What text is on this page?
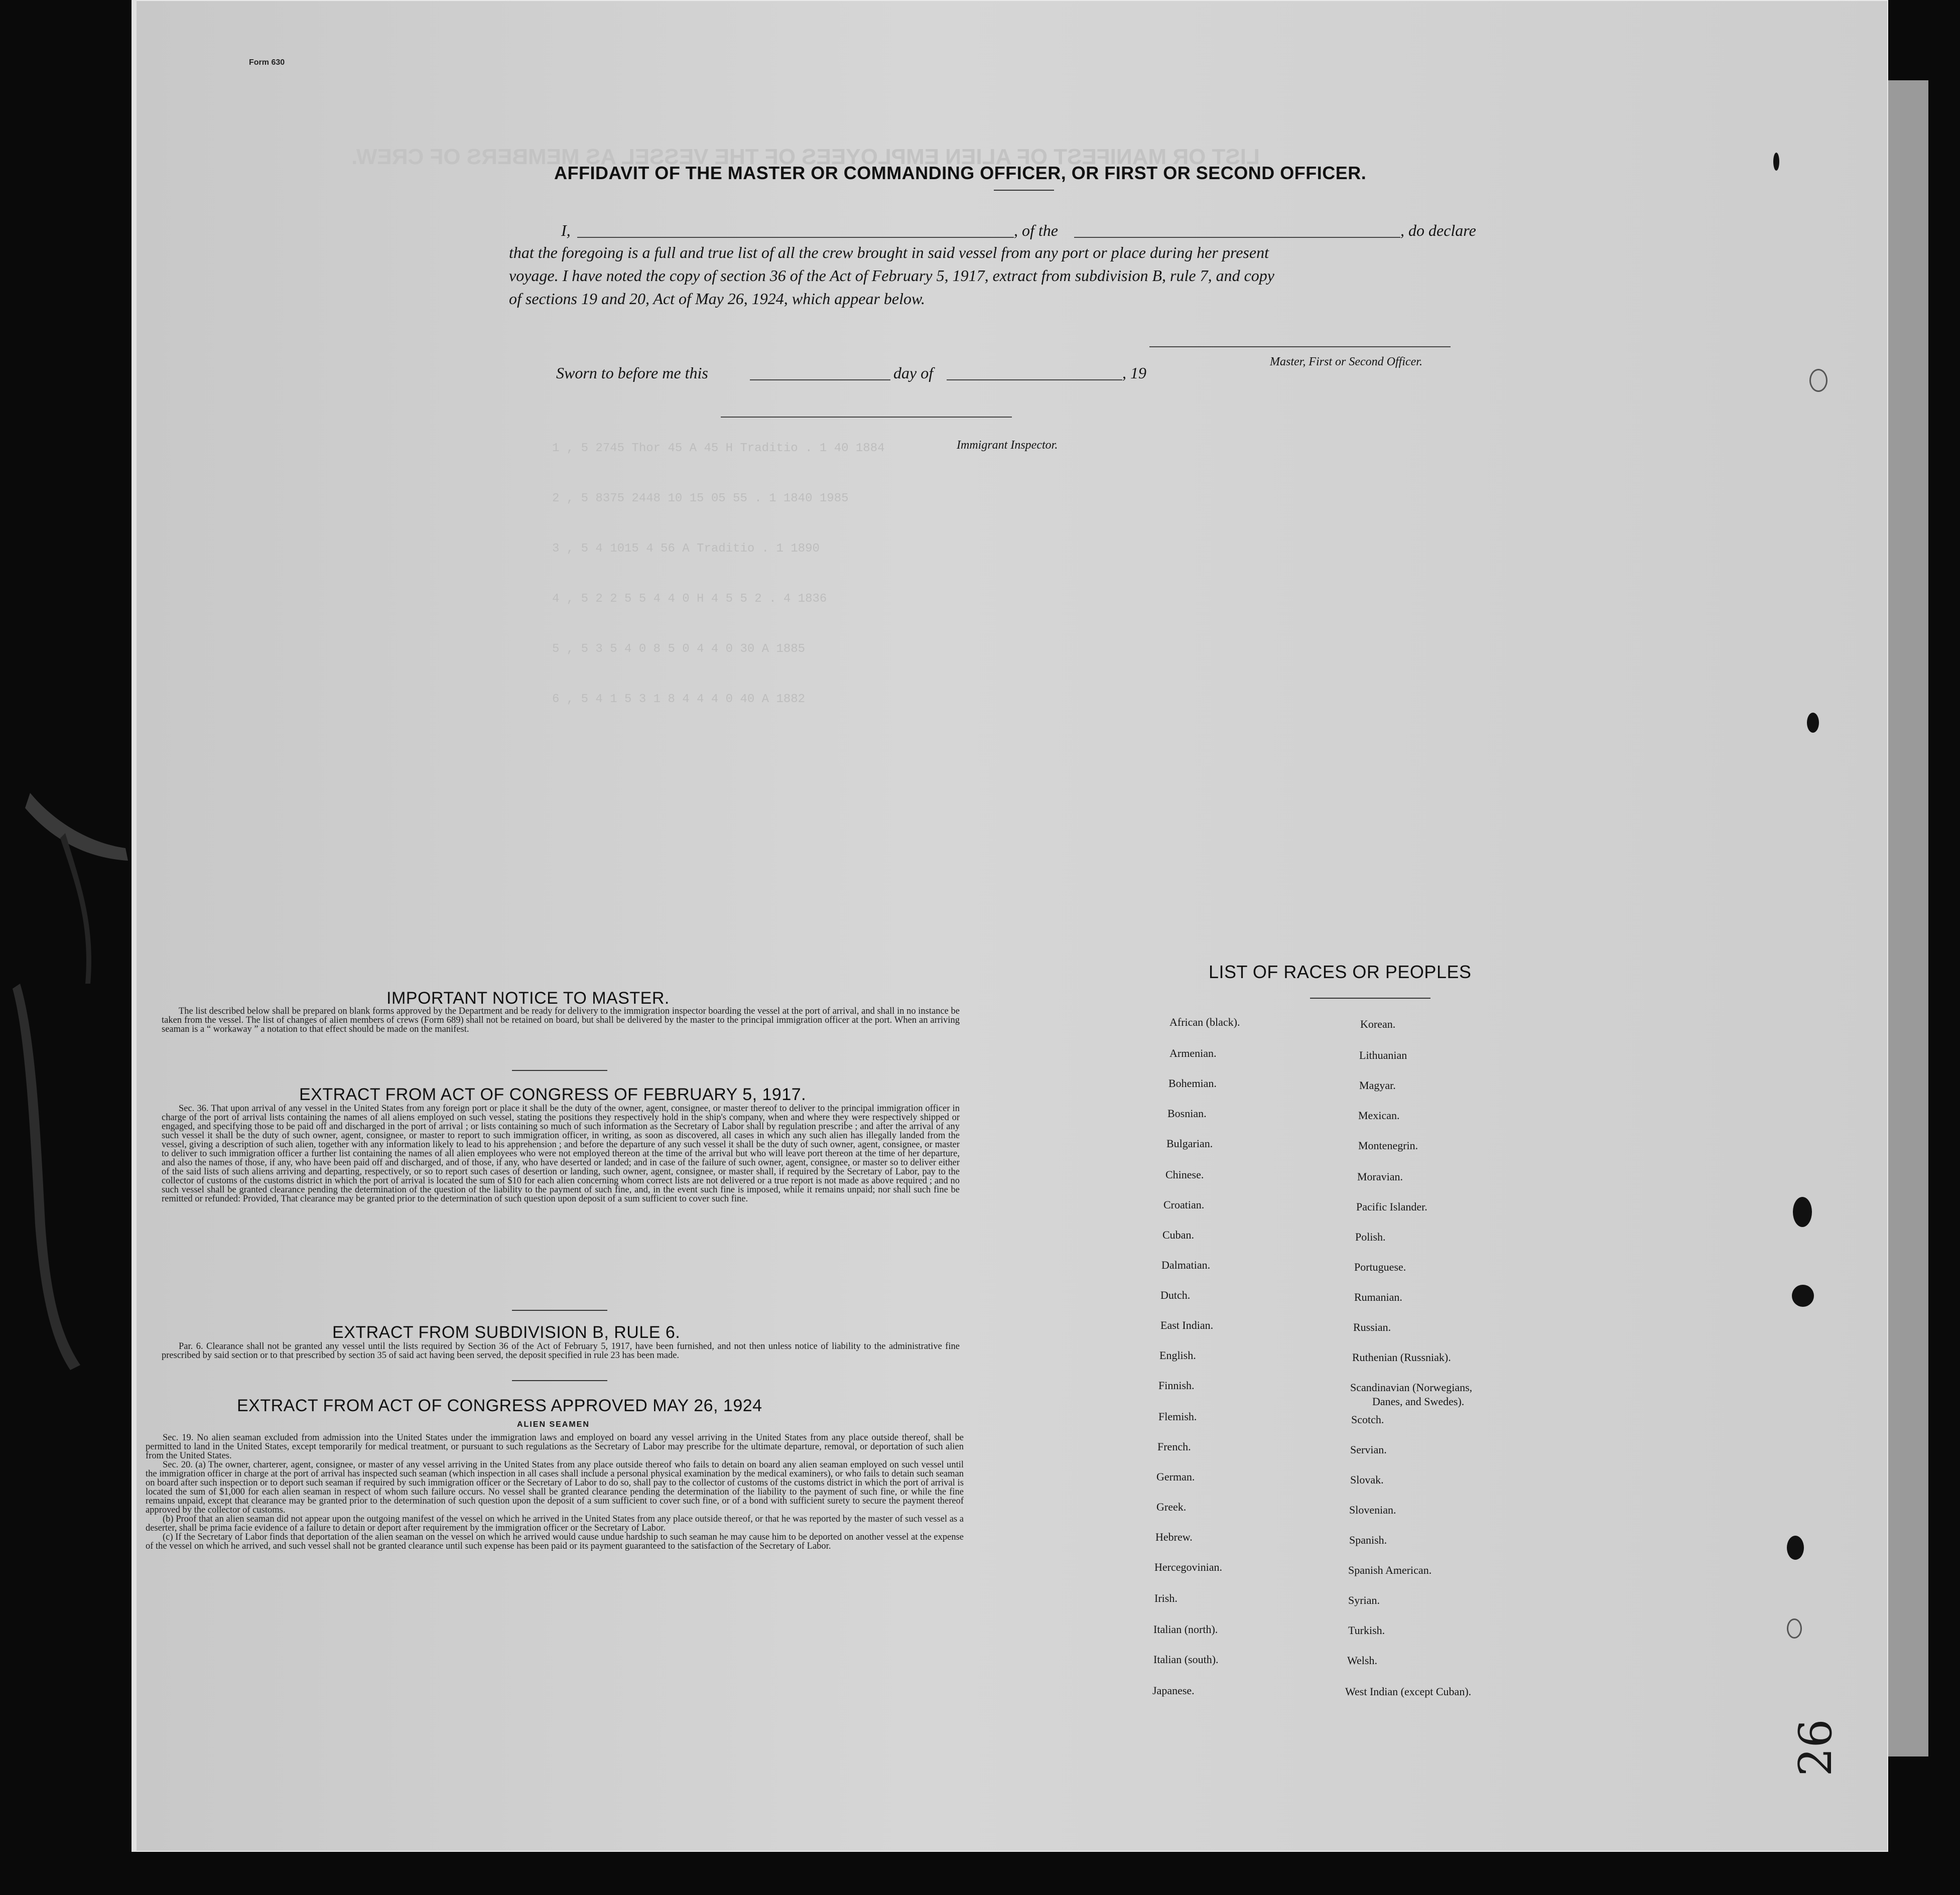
LIST OR MANIFEST OF ALIEN EMPLOYEES OF THE VESSEL AS MEMBERS OF CREW.
1 , 5 2745 Thor 45 A 45 H Traditio . 1 40 1884
2 , 5 8375 2448 10 15 05 55 . 1 1840 1985
3 , 5 4 1015 4 56 A Traditio . 1 1890
4 , 5 2 2 5 5 4 4 0 H 4 5 5 2 . 4 1836
5 , 5 3 5 4 0 8 5 0 4 4 0 30 A 1885
6 , 5 4 1 5 3 1 8 4 4 4 0 40 A 1882
Form 630
AFFIDAVIT OF THE MASTER OR COMMANDING OFFICER, OR FIRST OR SECOND OFFICER.
I,	, of the	, do declare
that the foregoing is a full and true list of all the crew brought in said vessel from any port or place during her present
voyage. I have noted the copy of section 36 of the Act of February 5, 1917, extract from subdivision B, rule 7, and copy
of sections 19 and 20, Act of May 26, 1924, which appear below.
Master, First or Second Officer.
Sworn to before me this	day of	, 19
Immigrant Inspector.
IMPORTANT NOTICE TO MASTER.

The list described below shall be prepared on blank forms approved by the Department and be ready for delivery to the immigration inspector boarding the vessel at the port of arrival, and shall in no instance be taken from the vessel. The list of changes of alien members of crews (Form 689) shall not be retained on board, but shall be delivered by the master to the principal immigration officer at the port. When an arriving seaman is a “ workaway ” a notation to that effect should be made on the manifest.

EXTRACT FROM ACT OF CONGRESS OF FEBRUARY 5, 1917.

Sec. 36. That upon arrival of any vessel in the United States from any foreign port or place it shall be the duty of the owner, agent, consignee, or master thereof to deliver to the principal immigration officer in charge of the port of arrival lists containing the names of all aliens employed on such vessel, stating the positions they respectively hold in the ship's company, when and where they were respectively shipped or engaged, and specifying those to be paid off and discharged in the port of arrival ; or lists containing so much of such information as the Secretary of Labor shall by regulation prescribe ; and after the arrival of any such vessel it shall be the duty of such owner, agent, consignee, or master to report to such immigration officer, in writing, as soon as discovered, all cases in which any such alien has illegally landed from the vessel, giving a description of such alien, together with any information likely to lead to his apprehension ; and before the departure of any such vessel it shall be the duty of such owner, agent, consignee, or master to deliver to such immigration officer a further list containing the names of all alien employees who were not employed thereon at the time of the arrival but who will leave port thereon at the time of her departure, and also the names of those, if any, who have been paid off and discharged, and of those, if any, who have deserted or landed; and in case of the failure of such owner, agent, consignee, or master so to deliver either of the said lists of such aliens arriving and departing, respectively, or so to report such cases of desertion or landing, such owner, agent, consignee, or master shall, if required by the Secretary of Labor, pay to the collector of customs of the customs district in which the port of arrival is located the sum of $10 for each alien concerning whom correct lists are not delivered or a true report is not made as above required ; and no such vessel shall be granted clearance pending the determination of the question of the liability to the payment of such fine, and, in the event such fine is imposed, while it remains unpaid; nor shall such fine be remitted or refunded: Provided, That clearance may be granted prior to the determination of such question upon deposit of a sum sufficient to cover such fine.

EXTRACT FROM SUBDIVISION B, RULE 6.

Par. 6. Clearance shall not be granted any vessel until the lists required by Section 36 of the Act of February 5, 1917, have been furnished, and not then unless notice of liability to the administrative fine prescribed by said section or to that prescribed by section 35 of said act having been served, the deposit specified in rule 23 has been made.

EXTRACT FROM ACT OF CONGRESS APPROVED MAY 26, 1924
ALIEN SEAMEN

Sec. 19. No alien seaman excluded from admission into the United States under the immigration laws and employed on board any vessel arriving in the United States from any place outside thereof, shall be permitted to land in the United States, except temporarily for medical treatment, or pursuant to such regulations as the Secretary of Labor may prescribe for the ultimate departure, removal, or deportation of such alien from the United States.

Sec. 20. (a) The owner, charterer, agent, consignee, or master of any vessel arriving in the United States from any place outside thereof who fails to detain on board any alien seaman employed on such vessel until the immigration officer in charge at the port of arrival has inspected such seaman (which inspection in all cases shall include a personal physical examination by the medical examiners), or who fails to detain such seaman on board after such inspection or to deport such seaman if required by such immigration officer or the Secretary of Labor to do so, shall pay to the collector of customs of the customs district in which the port of arrival is located the sum of $1,000 for each alien seaman in respect of whom such failure occurs. No vessel shall be granted clearance pending the determination of the liability to the payment of such fine, or while the fine remains unpaid, except that clearance may be granted prior to the determination of such question upon the deposit of a sum sufficient to cover such fine, or of a bond with sufficient surety to secure the payment thereof approved by the collector of customs.

(b) Proof that an alien seaman did not appear upon the outgoing manifest of the vessel on which he arrived in the United States from any place outside thereof, or that he was reported by the master of such vessel as a deserter, shall be prima facie evidence of a failure to detain or deport after requirement by the immigration officer or the Secretary of Labor.

(c) If the Secretary of Labor finds that deportation of the alien seaman on the vessel on which he arrived would cause undue hardship to such seaman he may cause him to be deported on another vessel at the expense of the vessel on which he arrived, and such vessel shall not be granted clearance until such expense has been paid or its payment guaranteed to the satisfaction of the Secretary of Labor.

LIST OF RACES OR PEOPLES
African (black).
Armenian.
Bohemian.
Bosnian.
Bulgarian.
Chinese.
Croatian.
Cuban.
Dalmatian.
Dutch.
East Indian.
English.
Finnish.
Flemish.
French.
German.
Greek.
Hebrew.
Hercegovinian.
Irish.
Italian (north).
Italian (south).
Japanese.
Korean.
Lithuanian
Magyar.
Mexican.
Montenegrin.
Moravian.
Pacific Islander.
Polish.
Portuguese.
Rumanian.
Russian.
Ruthenian (Russniak).
Scandinavian (Norwegians,
Scotch.
Servian.
Slovak.
Slovenian.
Spanish.
Spanish American.
Syrian.
Turkish.
Welsh.
West Indian (except Cuban).
Danes, and Swedes).
26
